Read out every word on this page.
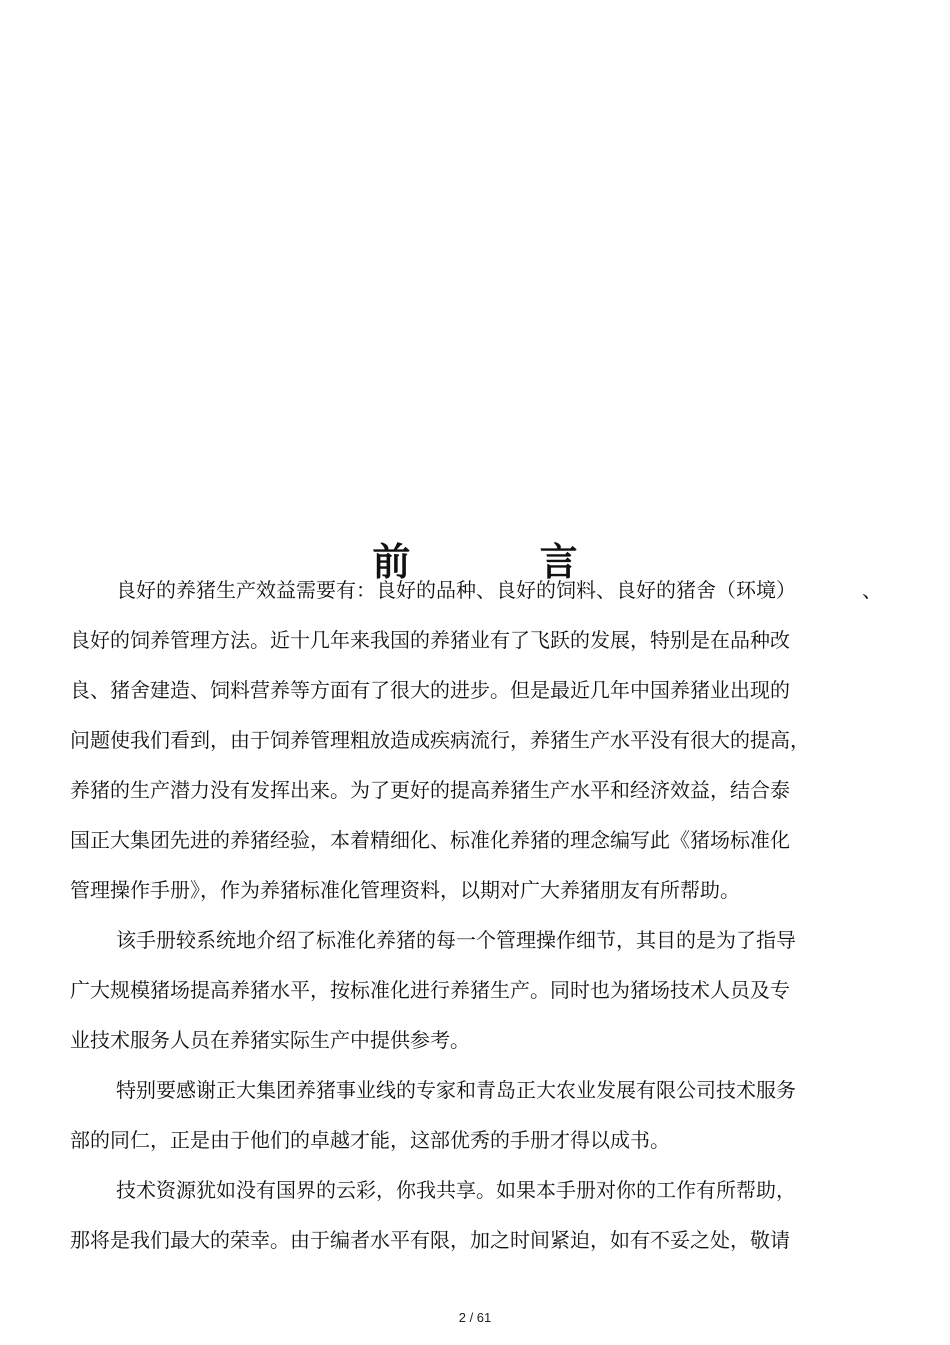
前 言

良好的养猪生产效益需要有：良好的品种、良好的饲料、良好的猪舍（环境）	、

良好的饲养管理方法。近十几年来我国的养猪业有了飞跃的发展，特别是在品种改

良、猪舍建造、饲料营养等方面有了很大的进步。但是最近几年中国养猪业出现的

问题使我们看到，由于饲养管理粗放造成疾病流行，养猪生产水平没有很大的提高，

养猪的生产潜力没有发挥出来。为了更好的提高养猪生产水平和经济效益，结合泰

国正大集团先进的养猪经验，本着精细化、标准化养猪的理念编写此《猪场标准化

管理操作手册》，作为养猪标准化管理资料，以期对广大养猪朋友有所帮助。

该手册较系统地介绍了标准化养猪的每一个管理操作细节，其目的是为了指导

广大规模猪场提高养猪水平，按标准化进行养猪生产。同时也为猪场技术人员及专

业技术服务人员在养猪实际生产中提供参考。

特别要感谢正大集团养猪事业线的专家和青岛正大农业发展有限公司技术服务

部的同仁，正是由于他们的卓越才能，这部优秀的手册才得以成书。

技术资源犹如没有国界的云彩，你我共享。如果本手册对你的工作有所帮助，

那将是我们最大的荣幸。由于编者水平有限，加之时间紧迫，如有不妥之处，敬请

2 / 61
